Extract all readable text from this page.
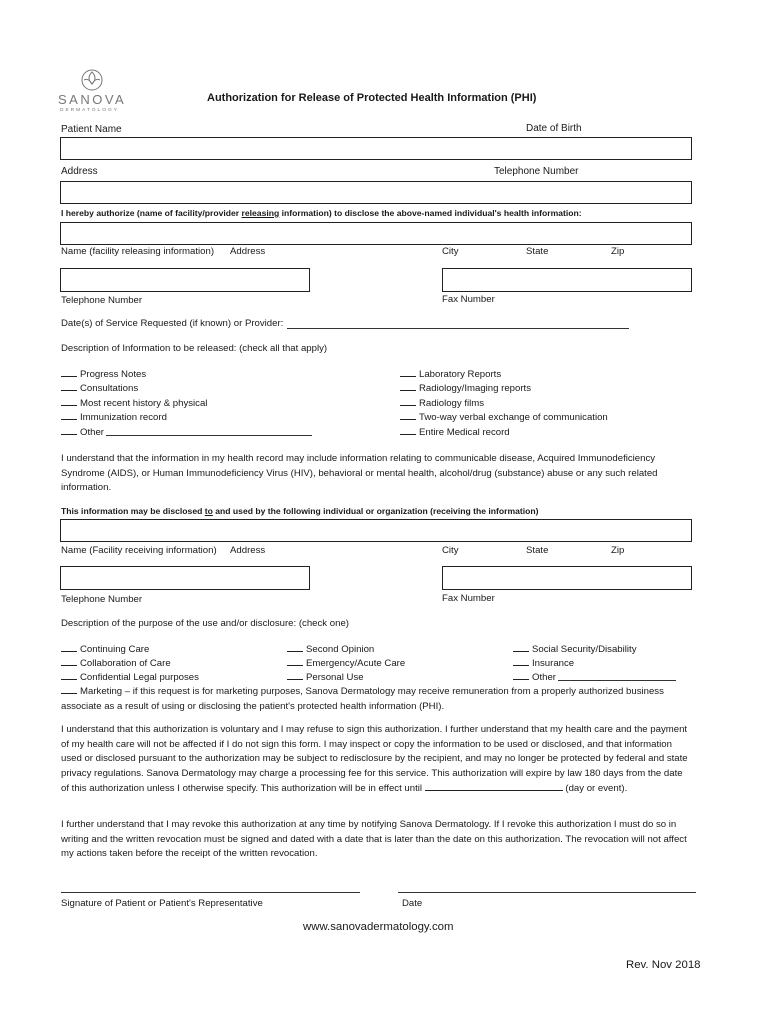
SANOVA
DERMATOLOGY
Authorization for Release of Protected Health Information (PHI)
Patient Name	Date of Birth
Address	Telephone Number
I hereby authorize (name of facility/provider releasing information) to disclose the above-named individual's health information:
Name (facility releasing information) Address	City	State	Zip
Telephone Number	Fax Number
Date(s) of Service Requested (if known) or Provider:
Description of Information to be released: (check all that apply)
Progress Notes
Consultations
Most recent history & physical
Immunization record
Other
Laboratory Reports
Radiology/Imaging reports
Radiology films
Two-way verbal exchange of communication
Entire Medical record
I understand that the information in my health record may include information relating to communicable disease, Acquired Immunodeficiency Syndrome (AIDS), or Human Immunodeficiency Virus (HIV), behavioral or mental health, alcohol/drug (substance) abuse or any such related information.
This information may be disclosed to and used by the following individual or organization (receiving the information)
Name (Facility receiving information) Address	City	State	Zip
Telephone Number	Fax Number
Description of the purpose of the use and/or disclosure: (check one)
Continuing Care
Collaboration of Care
Confidential Legal purposes
Second Opinion
Emergency/Acute Care
Personal Use
Social Security/Disability
Insurance
Other
Marketing – if this request is for marketing purposes, Sanova Dermatology may receive remuneration from a properly authorized business associate as a result of using or disclosing the patient's protected health information (PHI).
I understand that this authorization is voluntary and I may refuse to sign this authorization. I further understand that my health care and the payment of my health care will not be affected if I do not sign this form. I may inspect or copy the information to be used or disclosed, and that information used or disclosed pursuant to the authorization may be subject to redisclosure by the recipient, and may no longer be protected by federal and state privacy regulations. Sanova Dermatology may charge a processing fee for this service. This authorization will expire by law 180 days from the date of this authorization unless I otherwise specify. This authorization will be in effect until	(day or event).
I further understand that I may revoke this authorization at any time by notifying Sanova Dermatology. If I revoke this authorization I must do so in writing and the written revocation must be signed and dated with a date that is later than the date on this authorization. The revocation will not affect my actions taken before the receipt of the written revocation.
Signature of Patient or Patient's Representative	Date
www.sanovadermatology.com
Rev. Nov 2018
